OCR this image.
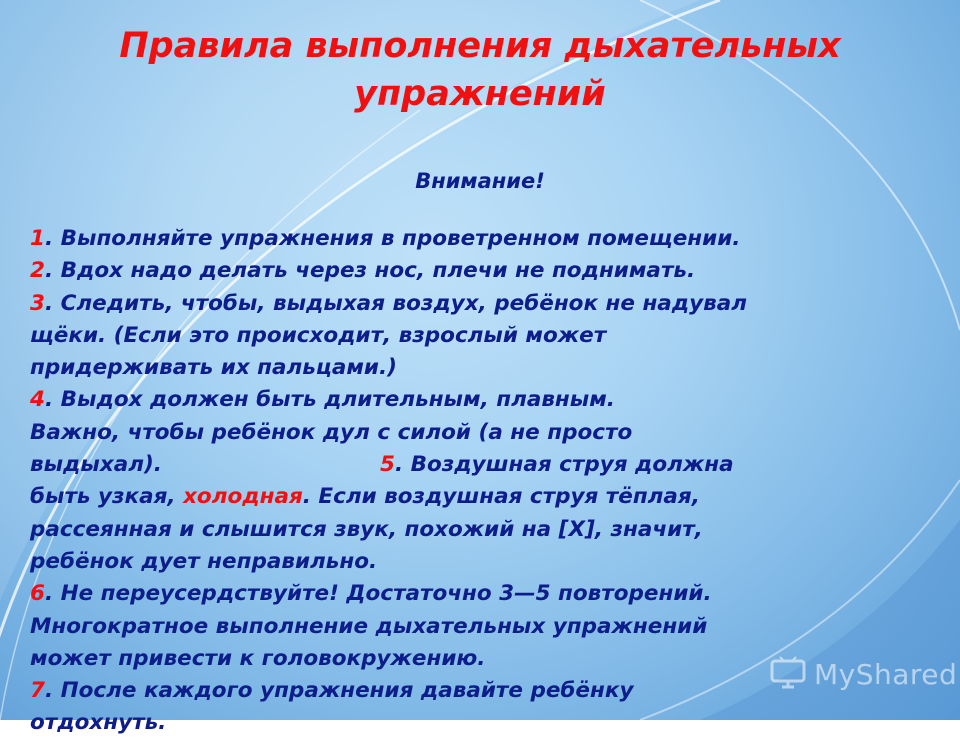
Правила выполнения дыхательных
упражнений
Внимание!
1. Выполняйте упражнения в проветренном помещении.
2. Вдох надо делать через нос, плечи не поднимать.
3. Следить, чтобы, выдыхая воздух, ребёнок не надувал
щёки. (Если это происходит, взрослый может
придерживать их пальцами.)
4. Выдох должен быть длительным, плавным.
Важно, чтобы ребёнок дул с силой (а не просто
выдыхал).	5. Воздушная струя должна
быть узкая, холодная. Если воздушная струя тёплая,
рассеянная и слышится звук, похожий на [Х], значит,
ребёнок дует неправильно.
6. Не переусердствуйте! Достаточно 3—5 повторений.
Многократное выполнение дыхательных упражнений
может привести к головокружению.
7. После каждого упражнения давайте ребёнку
отдохнуть.
MyShared
